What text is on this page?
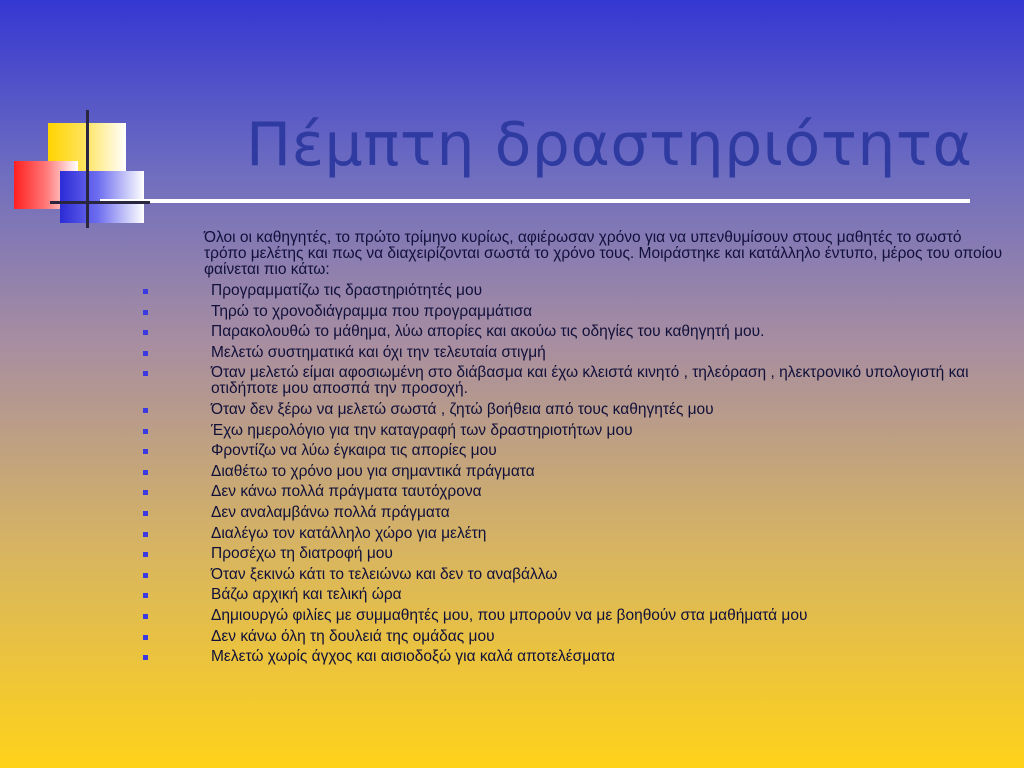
Πέμπτη δραστηριότητα

Όλοι οι καθηγητές, το πρώτο τρίμηνο κυρίως, αφιέρωσαν χρόνο για να υπενθυμίσουν στους μαθητές το σωστό τρόπο μελέτης και πως να διαχειρίζονται σωστά το χρόνο τους. Μοιράστηκε και κατάλληλο έντυπο, μέρος του οποίου φαίνεται πιο κάτω:

Προγραμματίζω τις δραστηριότητές μου
Τηρώ το χρονοδιάγραμμα που προγραμμάτισα
Παρακολουθώ το μάθημα, λύω απορίες και ακούω τις οδηγίες του καθηγητή μου.
Μελετώ συστηματικά και όχι την τελευταία στιγμή
Όταν μελετώ είμαι αφοσιωμένη στο διάβασμα και έχω κλειστά κινητό , τηλεόραση , ηλεκτρονικό υπολογιστή και οτιδήποτε μου αποσπά την προσοχή.
Όταν δεν ξέρω να μελετώ σωστά , ζητώ βοήθεια από τους καθηγητές μου
Έχω ημερολόγιο για την καταγραφή των δραστηριοτήτων μου
Φροντίζω να λύω έγκαιρα τις απορίες μου
Διαθέτω το χρόνο μου για σημαντικά πράγματα
Δεν κάνω πολλά πράγματα ταυτόχρονα
Δεν αναλαμβάνω πολλά πράγματα
Διαλέγω τον κατάλληλο χώρο για μελέτη
Προσέχω τη διατροφή μου
Όταν ξεκινώ κάτι το τελειώνω και δεν το αναβάλλω
Βάζω αρχική και τελική ώρα
Δημιουργώ φιλίες με συμμαθητές μου, που μπορούν να με βοηθούν στα μαθήματά μου
Δεν κάνω όλη τη δουλειά της ομάδας μου
Μελετώ χωρίς άγχος και αισιοδοξώ για καλά αποτελέσματα
